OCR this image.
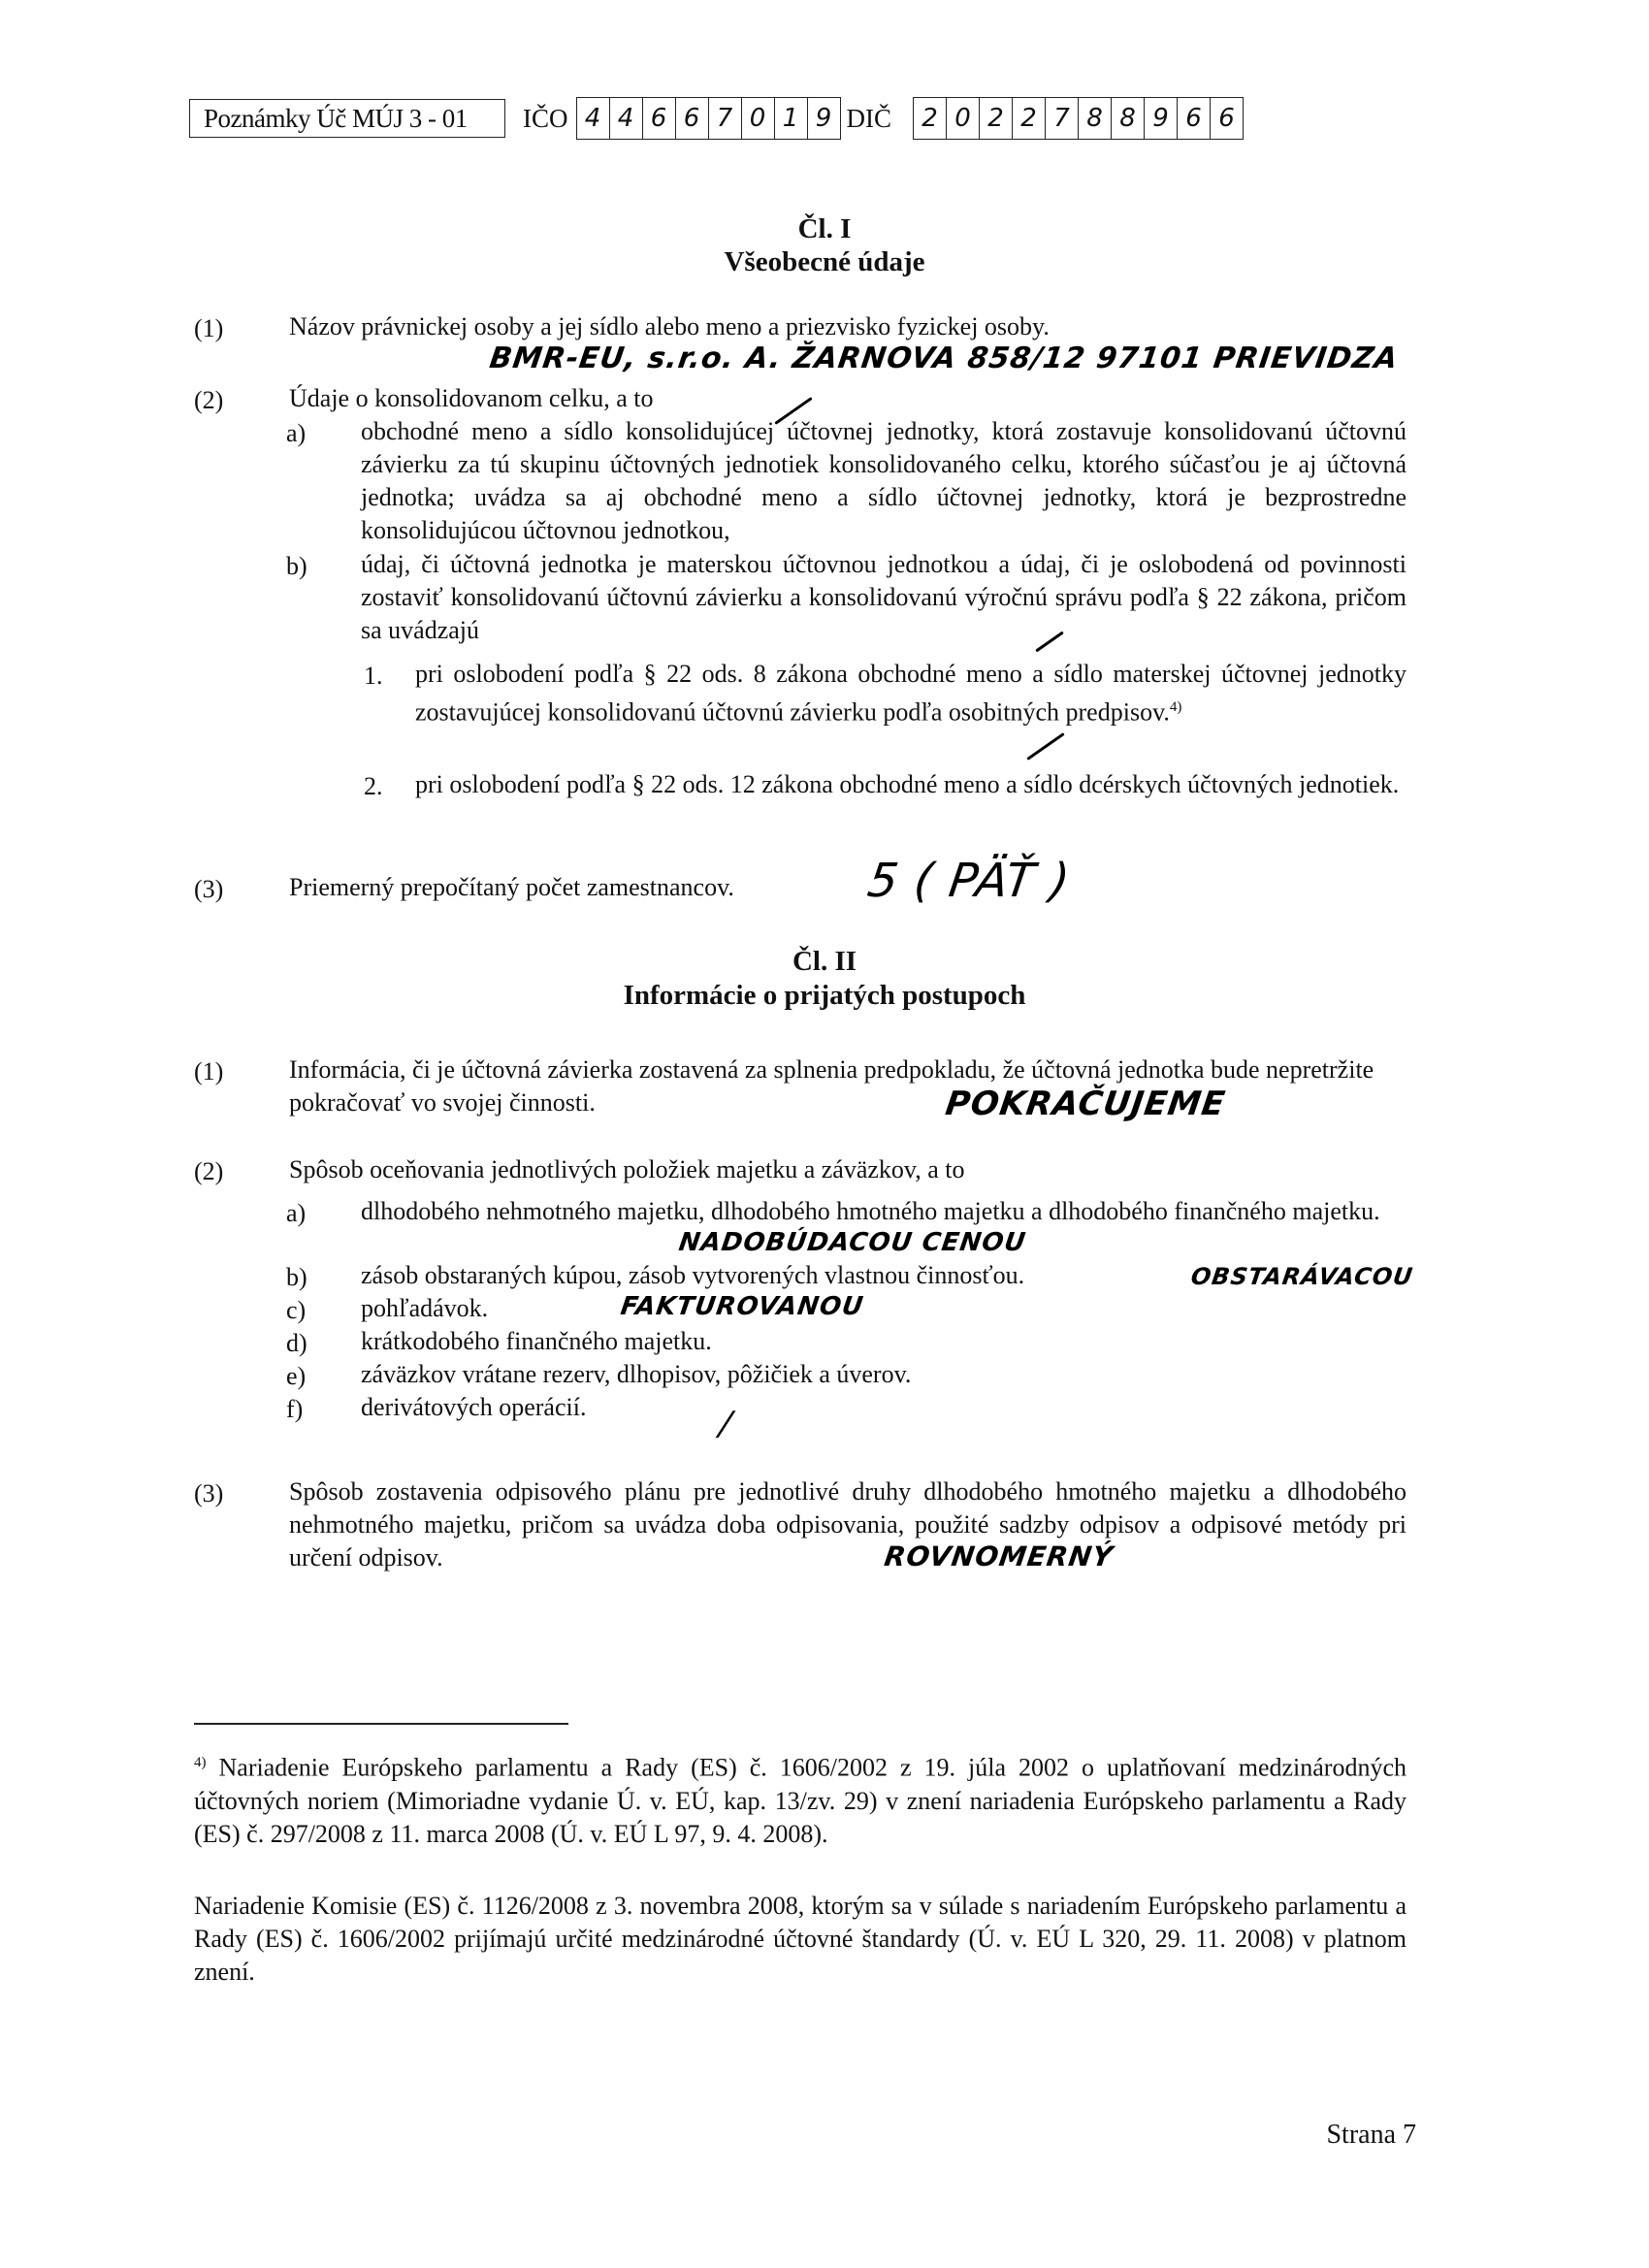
Poznámky Úč MÚJ 3 - 01	IČO 4 4 6 6 7 0 1 9 DIČ	2 0 2 2 7 8 8 9 6 6
Čl. I
Všeobecné údaje
(1)	Názov právnickej osoby a jej sídlo alebo meno a priezvisko fyzickej osoby.
BMR-EU, s.r.o. A. ŽARNOVA 858/12 97101 PRIEVIDZA
(2)	Údaje o konsolidovanom celku, a to
a) obchodné meno a sídlo konsolidujúcej účtovnej jednotky, ktorá zostavuje konsolidovanú účtovnú závierku za tú skupinu účtovných jednotiek konsolidovaného celku, ktorého súčasťou je aj účtovná jednotka; uvádza sa aj obchodné meno a sídlo účtovnej jednotky, ktorá je bezprostredne konsolidujúcou účtovnou jednotkou,
b) údaj, či účtovná jednotka je materskou účtovnou jednotkou a údaj, či je oslobodená od povinnosti zostaviť konsolidovanú účtovnú závierku a konsolidovanú výročnú správu podľa § 22 zákona, pričom sa uvádzajú
1. pri oslobodení podľa § 22 ods. 8 zákona obchodné meno a sídlo materskej účtovnej jednotky zostavujúcej konsolidovanú účtovnú závierku podľa osobitných predpisov.$^{4)}$
2. pri oslobodení podľa § 22 ods. 12 zákona obchodné meno a sídlo dcérskych účtovných jednotiek.
(3)	Priemerný prepočítaný počet zamestnancov.	5 ( PÄŤ )
Čl. II
Informácie o prijatých postupoch
(1)	Informácia, či je účtovná závierka zostavená za splnenia predpokladu, že účtovná jednotka bude nepretržite pokračovať vo svojej činnosti.	POKRAČUJEME
(2)	Spôsob oceňovania jednotlivých položiek majetku a záväzkov, a to
a) dlhodobého nehmotného majetku, dlhodobého hmotného majetku a dlhodobého finančného majetku.
NADOBÚDACOU CENOU
b) zásob obstaraných kúpou, zásob vytvorených vlastnou činnosťou.	OBSTARÁVACOU
c) pohľadávok.	FAKTUROVANOU
d) krátkodobého finančného majetku.
e) záväzkov vrátane rezerv, dlhopisov, pôžičiek a úverov.
f) derivátových operácií.	/
(3)	Spôsob zostavenia odpisového plánu pre jednotlivé druhy dlhodobého hmotného majetku a dlhodobého nehmotného majetku, pričom sa uvádza doba odpisovania, použité sadzby odpisov a odpisové metódy pri určení odpisov.	ROVNOMERNÝ
$^{4)}$ Nariadenie Európskeho parlamentu a Rady (ES) č. 1606/2002 z 19. júla 2002 o uplatňovaní medzinárodných účtovných noriem (Mimoriadne vydanie Ú. v. EÚ, kap. 13/zv. 29) v znení nariadenia Európskeho parlamentu a Rady (ES) č. 297/2008 z 11. marca 2008 (Ú. v. EÚ L 97, 9. 4. 2008).
Nariadenie Komisie (ES) č. 1126/2008 z 3. novembra 2008, ktorým sa v súlade s nariadením Európskeho parlamentu a Rady (ES) č. 1606/2002 prijímajú určité medzinárodné účtovné štandardy (Ú. v. EÚ L 320, 29. 11. 2008) v platnom znení.
Strana 7
